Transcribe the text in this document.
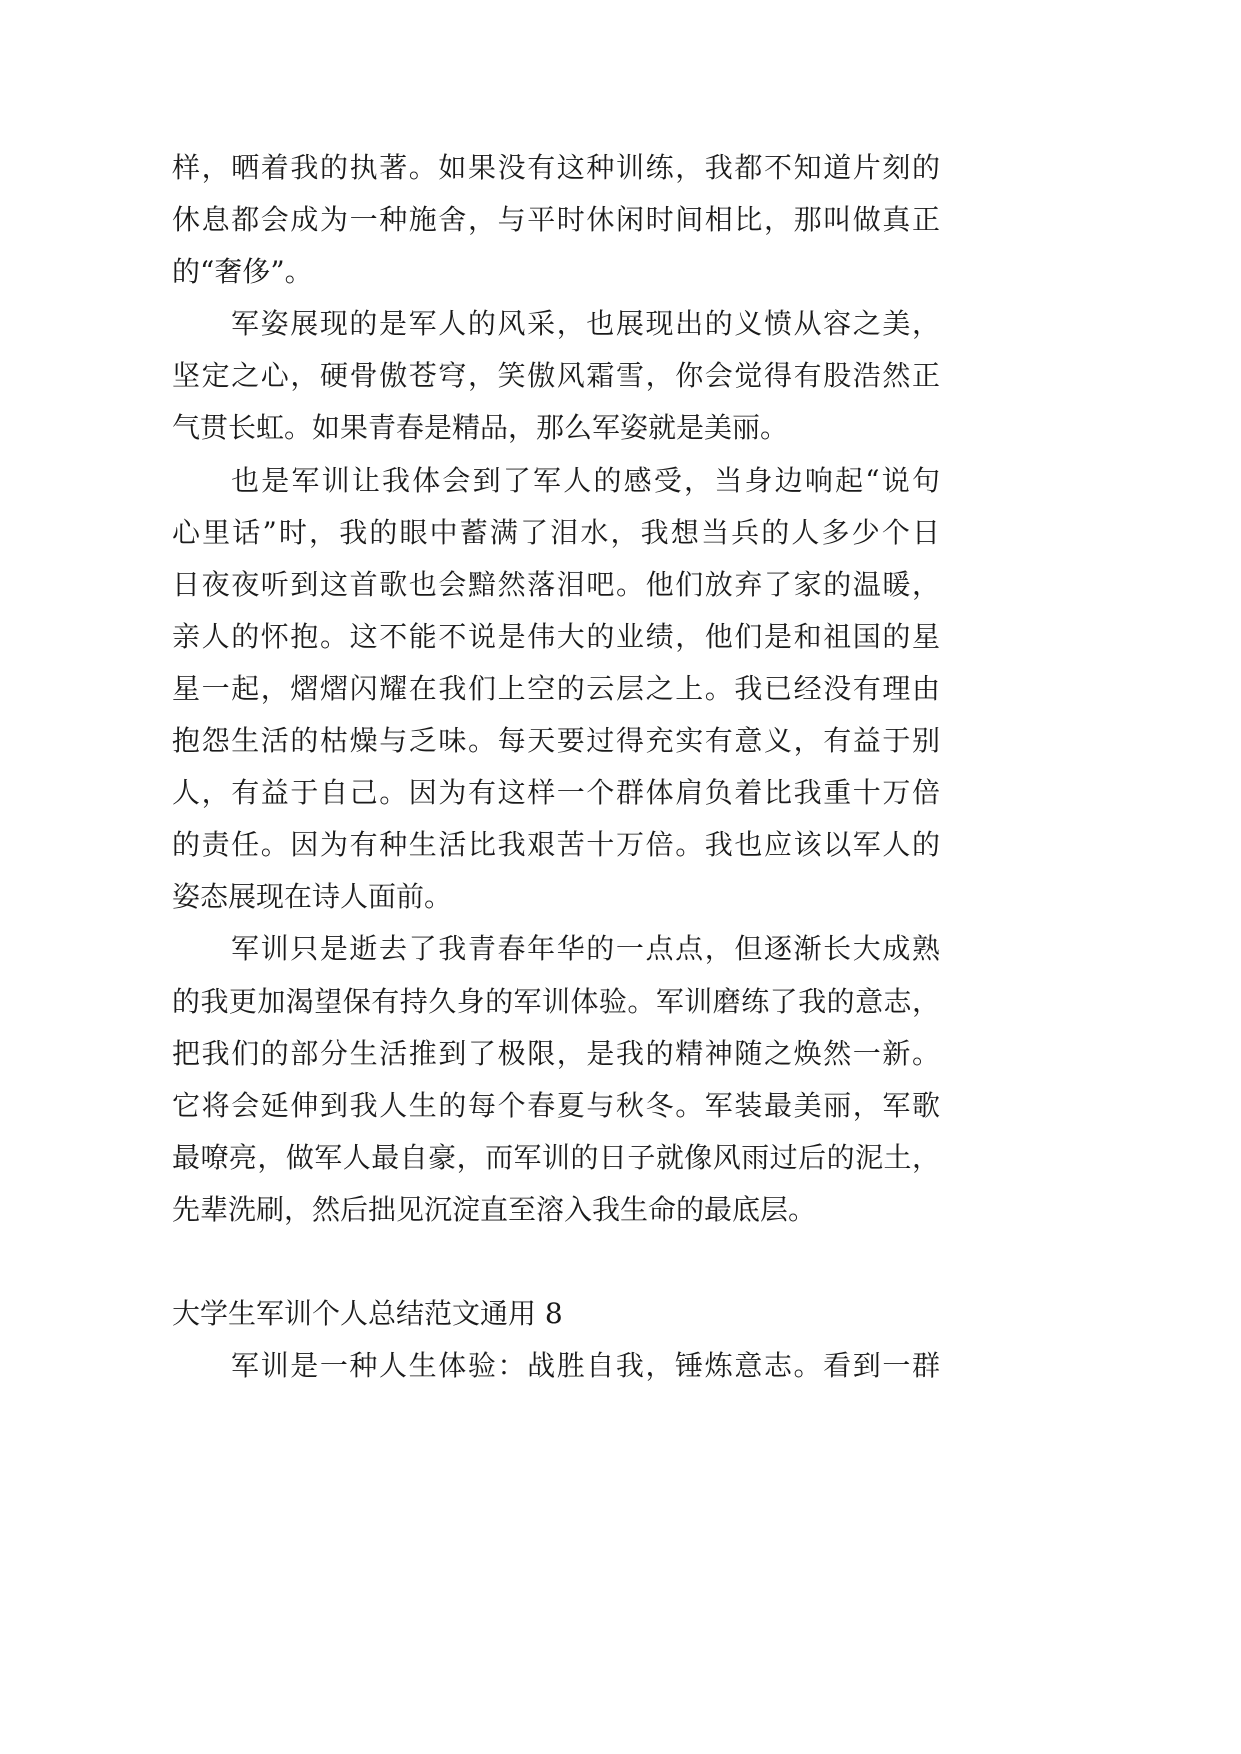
样，晒着我的执著。如果没有这种训练，我都不知道片刻的
休息都会成为一种施舍，与平时休闲时间相比，那叫做真正
的“奢侈”。
军姿展现的是军人的风采，也展现出的义愤从容之美，
坚定之心，硬骨傲苍穹，笑傲风霜雪，你会觉得有股浩然正
气贯长虹。如果青春是精品，那么军姿就是美丽。
也是军训让我体会到了军人的感受，当身边响起“说句
心里话”时，我的眼中蓄满了泪水，我想当兵的人多少个日
日夜夜听到这首歌也会黯然落泪吧。他们放弃了家的温暖，
亲人的怀抱。这不能不说是伟大的业绩，他们是和祖国的星
星一起，熠熠闪耀在我们上空的云层之上。我已经没有理由
抱怨生活的枯燥与乏味。每天要过得充实有意义，有益于别
人，有益于自己。因为有这样一个群体肩负着比我重十万倍
的责任。因为有种生活比我艰苦十万倍。我也应该以军人的
姿态展现在诗人面前。
军训只是逝去了我青春年华的一点点，但逐渐长大成熟
的我更加渴望保有持久身的军训体验。军训磨练了我的意志，
把我们的部分生活推到了极限，是我的精神随之焕然一新。
它将会延伸到我人生的每个春夏与秋冬。军装最美丽，军歌
最嘹亮，做军人最自豪，而军训的日子就像风雨过后的泥土，
先辈洗刷，然后拙见沉淀直至溶入我生命的最底层。
大学生军训个人总结范文通用 8
军训是一种人生体验：战胜自我，锤炼意志。看到一群
